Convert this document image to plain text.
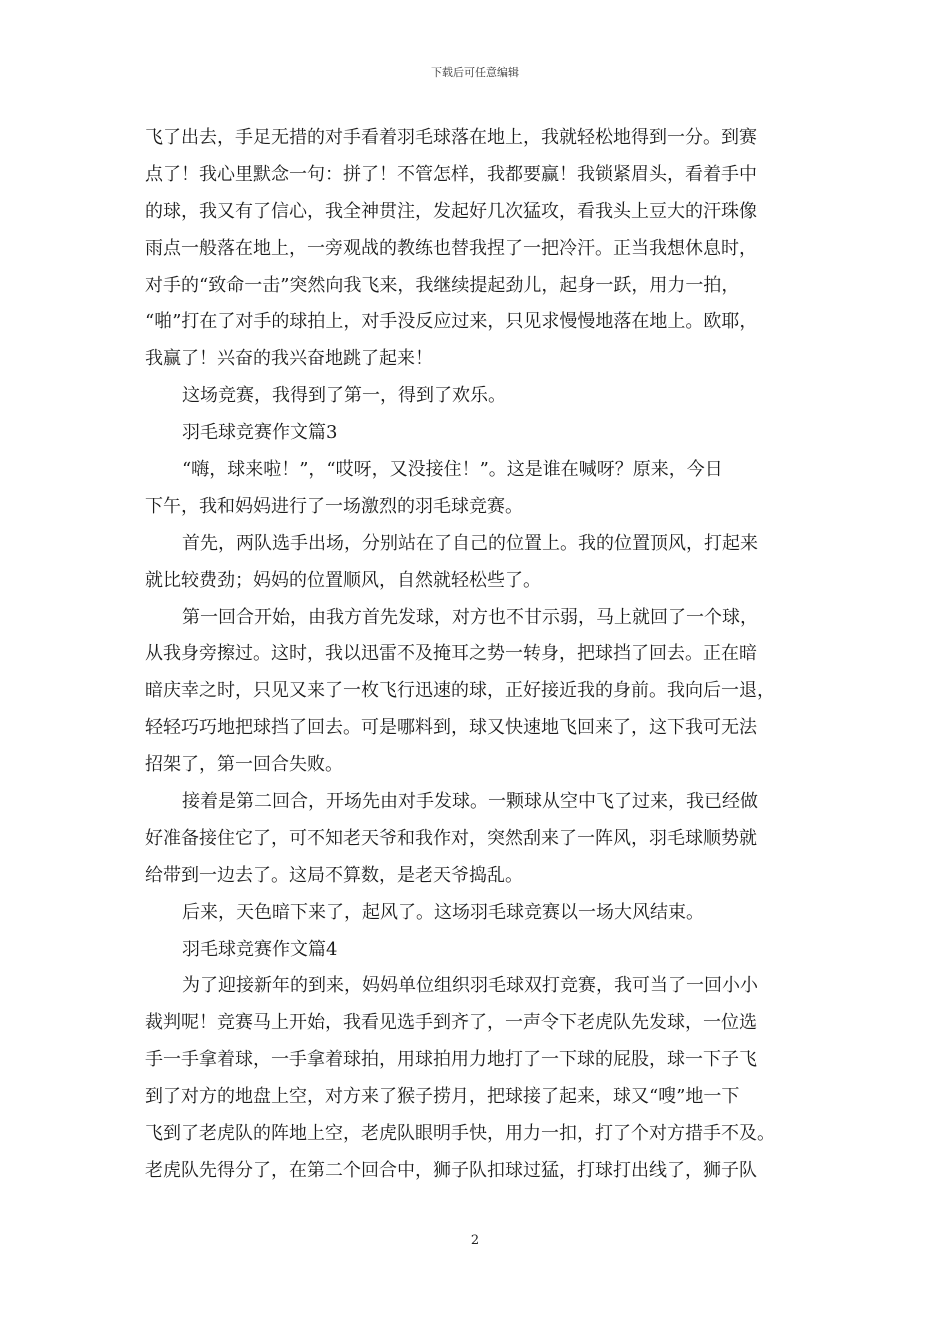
下载后可任意编辑
飞了出去，手足无措的对手看着羽毛球落在地上，我就轻松地得到一分。到赛
点了！我心里默念一句：拼了！不管怎样，我都要赢！我锁紧眉头，看着手中
的球，我又有了信心，我全神贯注，发起好几次猛攻，看我头上豆大的汗珠像
雨点一般落在地上，一旁观战的教练也替我捏了一把冷汗。正当我想休息时，
对手的“致命一击”突然向我飞来，我继续提起劲儿，起身一跃，用力一拍，
“啪”打在了对手的球拍上，对手没反应过来，只见求慢慢地落在地上。欧耶，
我赢了！兴奋的我兴奋地跳了起来！
这场竞赛，我得到了第一，得到了欢乐。
羽毛球竞赛作文篇3
“嗨，球来啦！”，“哎呀，又没接住！”。这是谁在喊呀？原来，今日
下午，我和妈妈进行了一场激烈的羽毛球竞赛。
首先，两队选手出场，分别站在了自己的位置上。我的位置顶风，打起来
就比较费劲；妈妈的位置顺风，自然就轻松些了。
第一回合开始，由我方首先发球，对方也不甘示弱，马上就回了一个球，
从我身旁擦过。这时，我以迅雷不及掩耳之势一转身，把球挡了回去。正在暗
暗庆幸之时，只见又来了一枚飞行迅速的球，正好接近我的身前。我向后一退，
轻轻巧巧地把球挡了回去。可是哪料到，球又快速地飞回来了，这下我可无法
招架了，第一回合失败。
接着是第二回合，开场先由对手发球。一颗球从空中飞了过来，我已经做
好准备接住它了，可不知老天爷和我作对，突然刮来了一阵风，羽毛球顺势就
给带到一边去了。这局不算数，是老天爷捣乱。
后来，天色暗下来了，起风了。这场羽毛球竞赛以一场大风结束。
羽毛球竞赛作文篇4
为了迎接新年的到来，妈妈单位组织羽毛球双打竞赛，我可当了一回小小
裁判呢！竞赛马上开始，我看见选手到齐了，一声令下老虎队先发球，一位选
手一手拿着球，一手拿着球拍，用球拍用力地打了一下球的屁股，球一下子飞
到了对方的地盘上空，对方来了猴子捞月，把球接了起来，球又“嗖”地一下
飞到了老虎队的阵地上空，老虎队眼明手快，用力一扣，打了个对方措手不及。
老虎队先得分了，在第二个回合中，狮子队扣球过猛，打球打出线了，狮子队
2
